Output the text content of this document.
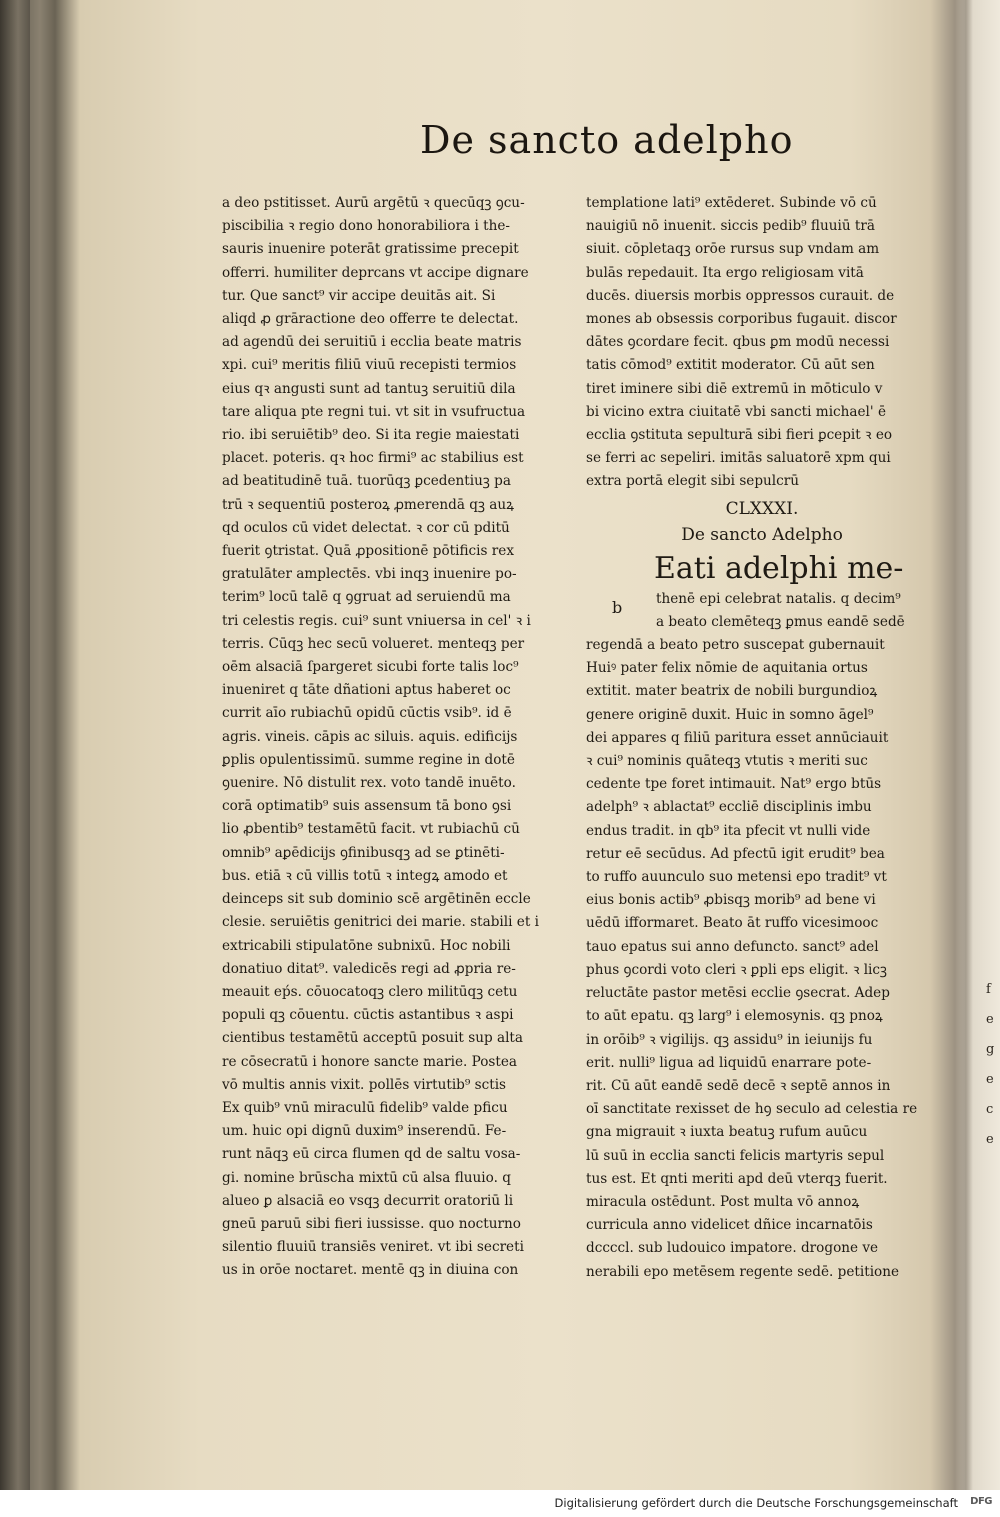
De sancto adelpho
a deo pstitisset. Aurū argētū ꝛ quecūqꝫ ꝯcu-
piscibilia ꝛ regio dono honorabiliora i the-
sauris inuenire poterāt gratissime precepit
offerri. humiliter deprcans vt accipe dignare
tur. Que sanct⁹ vir accipe deuitās ait. Si
aliqd ꝓ grāractione deo offerre te delectat.
ad agendū dei seruitiū i ecclia beate matris
xpi. cui⁹ meritis filiū viuū recepisti termios
eius qꝛ angusti sunt ad tantuꝫ seruitiū dila
tare aliqua pte regni tui. vt sit in vsufructua
rio. ibi seruiētib⁹ deo. Si ita regie maiestati
placet. poteris. qꝛ hoc firmi⁹ ac stabilius est
ad beatitudinē tuā. tuorūqꝫ ꝑcedentiuꝫ pa
trū ꝛ sequentiū posteroꝝ ꝓmerendā qꝫ auꝝ
qd oculos cū videt delectat. ꝛ cor cū pditū
fuerit ꝯtristat. Quā ꝓpositionē pōtificis rex
gratulāter amplectēs. vbi inqꝫ inuenire po-
terim⁹ locū talē q ꝯgruat ad seruiendū ma
tri celestis regis. cui⁹ sunt vniuersa in cel' ꝛ i
terris. Cūqꝫ hec secū volueret. menteqꝫ per
oēm alsaciā ſpargeret sicubi forte talis loc⁹
inueniret q tāte dñationi aptus haberet oc
currit aīo rubiachū opidū cūctis vsib⁹. id ē
agris. vineis. cāpis ac siluis. aquis. edificijs
ꝑplis opulentissimū. summe regine in dotē
ꝯuenire. Nō distulit rex. voto tandē inuēto.
corā optimatib⁹ suis assensum tā bono ꝯsi
lio ꝓbentib⁹ testamētū facit. vt rubiachū cū
omnib⁹ aꝑēdicijs ꝯfinibusqꝫ ad se ꝑtinēti-
bus. etiā ꝛ cū villis totū ꝛ integꝝ amodo et
deinceps sit sub dominio scē argētinēn eccle
clesie. seruiētis genitrici dei marie. stabili et i
extricabili stipulatōne subnixū. Hoc nobili
donatiuo ditat⁹. valedicēs regi ad ꝓpria re-
meauit eṕs. cōuocatoqꝫ clero militūqꝫ cetu
populi qꝫ cōuentu. cūctis astantibus ꝛ aspi
cientibus testamētū acceptū posuit sup alta
re cōsecratū i honore sancte marie. Postea
vō multis annis vixit. pollēs virtutib⁹ sctis
Ex quib⁹ vnū miraculū fidelib⁹ valde pficu
um. huic opi dignū duxim⁹ inserendū. Fe-
runt nāqꝫ eū circa flumen qd de saltu vosa-
gi. nomine brūscha mixtū cū alsa fluuio. q
alueo ꝑ alsaciā eo vsqꝫ decurrit oratoriū li
gneū paruū sibi fieri iussisse. quo nocturno
silentio fluuiū transiēs veniret. vt ibi secreti
us in orōe noctaret. mentē qꝫ in diuina con
templatione lati⁹ extēderet. Subinde vō cū
nauigiū nō inuenit. siccis pedib⁹ fluuiū trā
siuit. cōpletaqꝫ orōe rursus sup vndam am
bulās repedauit. Ita ergo religiosam vitā
ducēs. diuersis morbis oppressos curauit. de
mones ab obsessis corporibus fugauit. discor
dātes ꝯcordare fecit. qbus ꝑm modū necessi
tatis cōmod⁹ extitit moderator. Cū aūt sen
tiret iminere sibi diē extremū in mōticulo v
bi vicino extra ciuitatē vbi sancti michael' ē
ecclia ꝯstituta sepulturā sibi fieri ꝑcepit ꝛ eo
se ferri ac sepeliri. imitās saluatorē xpm qui
extra portā elegit sibi sepulcrū
CLXXXI.
De sancto Adelpho
Eati adelphi me-
b thenē epi celebrat natalis. q decim⁹
a beato clemēteqꝫ ꝑmus eandē sedē
regendā a beato petro suscepat gubernauit
Huiꝰ pater felix nōmie de aquitania ortus
extitit. mater beatrix de nobili burgundioꝝ
genere originē duxit. Huic in somno āgel⁹
dei appares q filiū paritura esset annūciauit
ꝛ cui⁹ nominis quāteqꝫ vtutis ꝛ meriti suc
cedente tpe foret intimauit. Nat⁹ ergo btūs
adelph⁹ ꝛ ablactat⁹ eccliē disciplinis imbu
endus tradit. in qb⁹ ita pfecit vt nulli vide
retur eē secūdus. Ad pfectū igit erudit⁹ bea
to ruffo auunculo suo metensi epo tradit⁹ vt
eius bonis actib⁹ ꝓbisqꝫ morib⁹ ad bene vi
uēdū ifformaret. Beato āt ruffo vicesimooc
tauo epatus sui anno defuncto. sanct⁹ adel
phus ꝯcordi voto cleri ꝛ ꝑpli eps eligit. ꝛ licꝫ
reluctāte pastor metēsi ecclie ꝯsecrat. Adep
to aūt epatu. qꝫ larg⁹ i elemosynis. qꝫ pnoꝝ
in orōib⁹ ꝛ vigilijs. qꝫ assidu⁹ in ieiunijs fu
erit. nulli⁹ ligua ad liquidū enarrare pote-
rit. Cū aūt eandē sedē decē ꝛ septē annos in
oī sanctitate rexisset de hꝯ seculo ad celestia re
gna migrauit ꝛ iuxta beatuꝫ rufum auūcu
lū suū in ecclia sancti felicis martyris sepul
tus est. Et qnti meriti apd deū vterqꝫ fuerit.
miracula ostēdunt. Post multa vō annoꝝ
curricula anno videlicet dñice incarnatōis
dccccl. sub ludouico impatore. drogone ve
nerabili epo metēsem regente sedē. petitione
f
e
g
e
c
e
Digitalisierung gefördert durch die Deutsche Forschungsgemeinschaft DFG
